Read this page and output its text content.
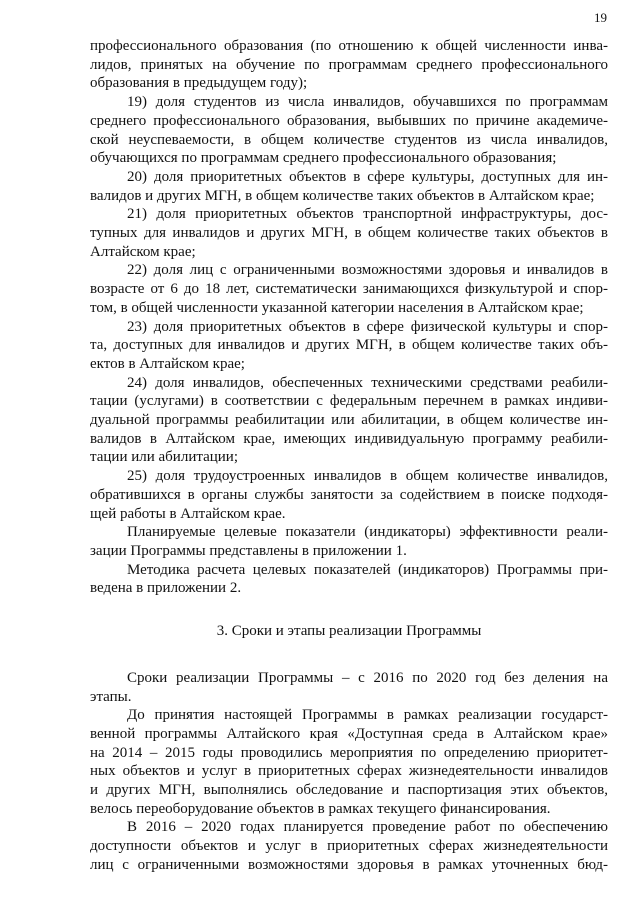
19
профессионального образования (по отношению к общей численности инва-
лидов, принятых на обучение по программам среднего профессионального
образования в предыдущем году);
19) доля студентов из числа инвалидов, обучавшихся по программам
среднего профессионального образования, выбывших по причине академиче-
ской неуспеваемости, в общем количестве студентов из числа инвалидов,
обучающихся по программам среднего профессионального образования;
20) доля приоритетных объектов в сфере культуры, доступных для ин-
валидов и других МГН, в общем количестве таких объектов в Алтайском крае;
21) доля приоритетных объектов транспортной инфраструктуры, дос-
тупных для инвалидов и других МГН, в общем количестве таких объектов в
Алтайском крае;
22) доля лиц с ограниченными возможностями здоровья и инвалидов в
возрасте от 6 до 18 лет, систематически занимающихся физкультурой и спор-
том, в общей численности указанной категории населения в Алтайском крае;
23) доля приоритетных объектов в сфере физической культуры и спор-
та, доступных для инвалидов и других МГН, в общем количестве таких объ-
ектов в Алтайском крае;
24) доля инвалидов, обеспеченных техническими средствами реабили-
тации (услугами) в соответствии с федеральным перечнем в рамках индиви-
дуальной программы реабилитации или абилитации, в общем количестве ин-
валидов в Алтайском крае, имеющих индивидуальную программу реабили-
тации или абилитации;
25) доля трудоустроенных инвалидов в общем количестве инвалидов,
обратившихся в органы службы занятости за содействием в поиске подходя-
щей работы в Алтайском крае.
Планируемые целевые показатели (индикаторы) эффективности реали-
зации Программы представлены в приложении 1.
Методика расчета целевых показателей (индикаторов) Программы при-
ведена в приложении 2.
3. Сроки и этапы реализации Программы
Сроки реализации Программы – с 2016 по 2020 год без деления на
этапы.
До принятия настоящей Программы в рамках реализации государст-
венной программы Алтайского края «Доступная среда в Алтайском крае»
на 2014 – 2015 годы проводились мероприятия по определению приоритет-
ных объектов и услуг в приоритетных сферах жизнедеятельности инвалидов
и других МГН, выполнялись обследование и паспортизация этих объектов,
велось переоборудование объектов в рамках текущего финансирования.
В 2016 – 2020 годах планируется проведение работ по обеспечению
доступности объектов и услуг в приоритетных сферах жизнедеятельности
лиц с ограниченными возможностями здоровья в рамках уточненных бюд-
